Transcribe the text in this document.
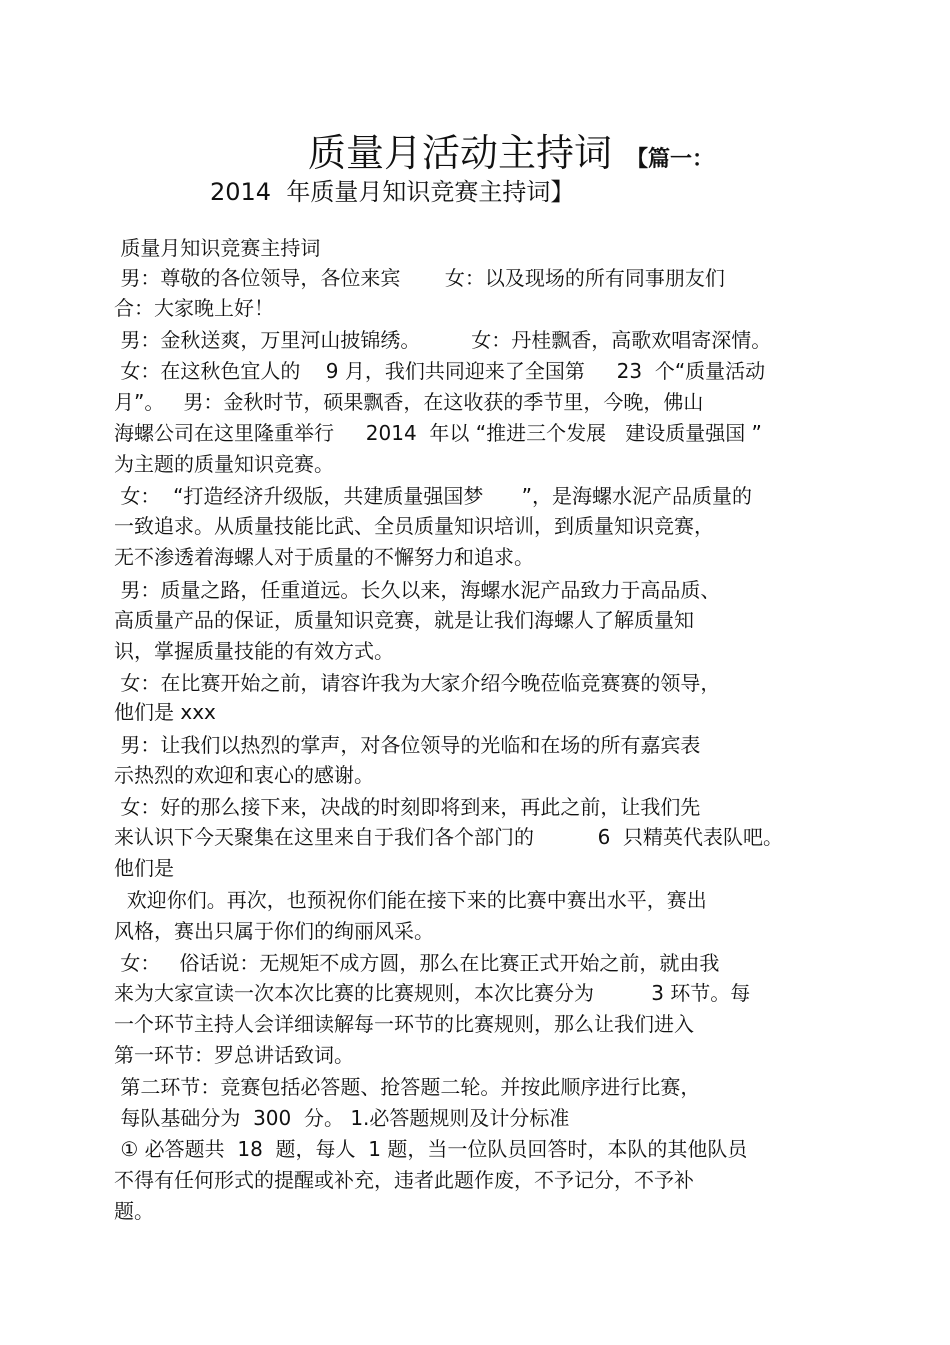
质量月活动主持词 【篇一：
2014  年质量月知识竞赛主持词】
质量月知识竞赛主持词
男：尊敬的各位领导，各位来宾       女：以及现场的所有同事朋友们
合：大家晚上好！
男：金秋送爽，万里河山披锦绣。        女：丹桂飘香，高歌欢唱寄深情。
女：在这秋色宜人的    9 月，我们共同迎来了全国第     23  个“质量活动
月”。   男：金秋时节，硕果飘香，在这收获的季节里，今晚，佛山
海螺公司在这里隆重举行     2014  年以 “推进三个发展   建设质量强国 ”
为主题的质量知识竞赛。
女：  “打造经济升级版，共建质量强国梦      ”，是海螺水泥产品质量的
一致追求。从质量技能比武、全员质量知识培训，到质量知识竞赛，
无不渗透着海螺人对于质量的不懈努力和追求。
男：质量之路，任重道远。长久以来，海螺水泥产品致力于高品质、
高质量产品的保证，质量知识竞赛，就是让我们海螺人了解质量知
识，掌握质量技能的有效方式。
女：在比赛开始之前，请容许我为大家介绍今晚莅临竞赛赛的领导，
他们是 xxx
男：让我们以热烈的掌声，对各位领导的光临和在场的所有嘉宾表
示热烈的欢迎和衷心的感谢。
女：好的那么接下来，决战的时刻即将到来，再此之前，让我们先
来认识下今天聚集在这里来自于我们各个部门的          6  只精英代表队吧。
他们是
欢迎你们。再次，也预祝你们能在接下来的比赛中赛出水平，赛出
风格，赛出只属于你们的绚丽风采。
女：   俗话说：无规矩不成方圆，那么在比赛正式开始之前，就由我
来为大家宣读一次本次比赛的比赛规则，本次比赛分为         3 环节。每
一个环节主持人会详细读解每一环节的比赛规则，那么让我们进入
第一环节：罗总讲话致词。
第二环节：竞赛包括必答题、抢答题二轮。并按此顺序进行比赛，
每队基础分为  300  分。 1.必答题规则及计分标准
① 必答题共  18  题，每人  1 题，当一位队员回答时，本队的其他队员
不得有任何形式的提醒或补充，违者此题作废，不予记分，不予补
题。
